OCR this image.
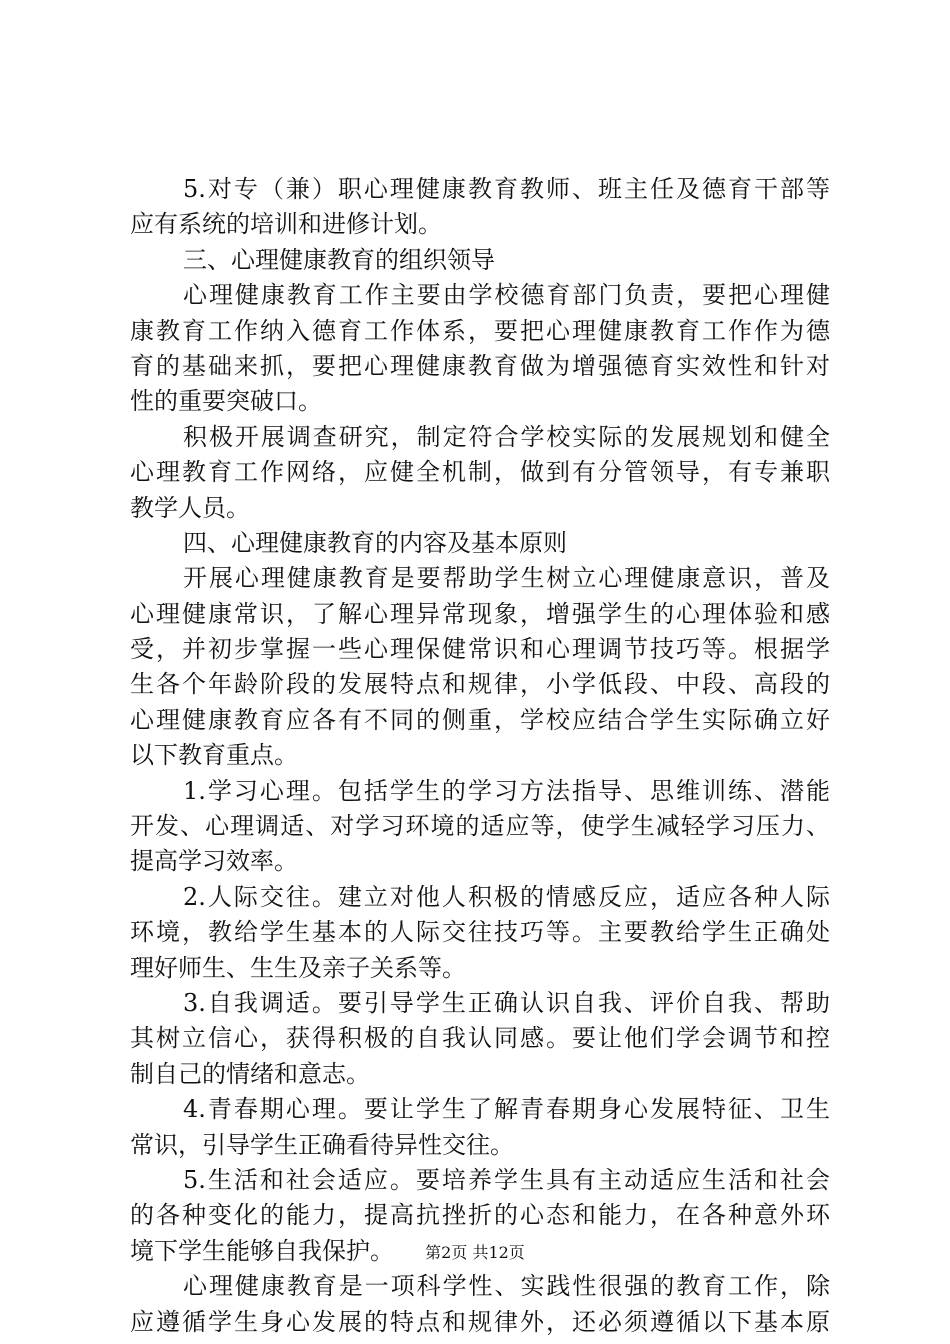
5.对专（兼）职心理健康教育教师、班主任及德育干部等
应有系统的培训和进修计划。
三、心理健康教育的组织领导
心理健康教育工作主要由学校德育部门负责，要把心理健
康教育工作纳入德育工作体系，要把心理健康教育工作作为德
育的基础来抓，要把心理健康教育做为增强德育实效性和针对
性的重要突破口。
积极开展调查研究，制定符合学校实际的发展规划和健全
心理教育工作网络，应健全机制，做到有分管领导，有专兼职
教学人员。
四、心理健康教育的内容及基本原则
开展心理健康教育是要帮助学生树立心理健康意识，普及
心理健康常识，了解心理异常现象，增强学生的心理体验和感
受，并初步掌握一些心理保健常识和心理调节技巧等。根据学
生各个年龄阶段的发展特点和规律，小学低段、中段、高段的
心理健康教育应各有不同的侧重，学校应结合学生实际确立好
以下教育重点。
1.学习心理。包括学生的学习方法指导、思维训练、潜能
开发、心理调适、对学习环境的适应等，使学生减轻学习压力、
提高学习效率。
2.人际交往。建立对他人积极的情感反应，适应各种人际
环境，教给学生基本的人际交往技巧等。主要教给学生正确处
理好师生、生生及亲子关系等。
3.自我调适。要引导学生正确认识自我、评价自我、帮助
其树立信心，获得积极的自我认同感。要让他们学会调节和控
制自己的情绪和意志。
4.青春期心理。要让学生了解青春期身心发展特征、卫生
常识，引导学生正确看待异性交往。
5.生活和社会适应。要培养学生具有主动适应生活和社会
的各种变化的能力，提高抗挫折的心态和能力，在各种意外环
境下学生能够自我保护。
心理健康教育是一项科学性、实践性很强的教育工作，除
应遵循学生身心发展的特点和规律外，还必须遵循以下基本原
第2页 共12页
